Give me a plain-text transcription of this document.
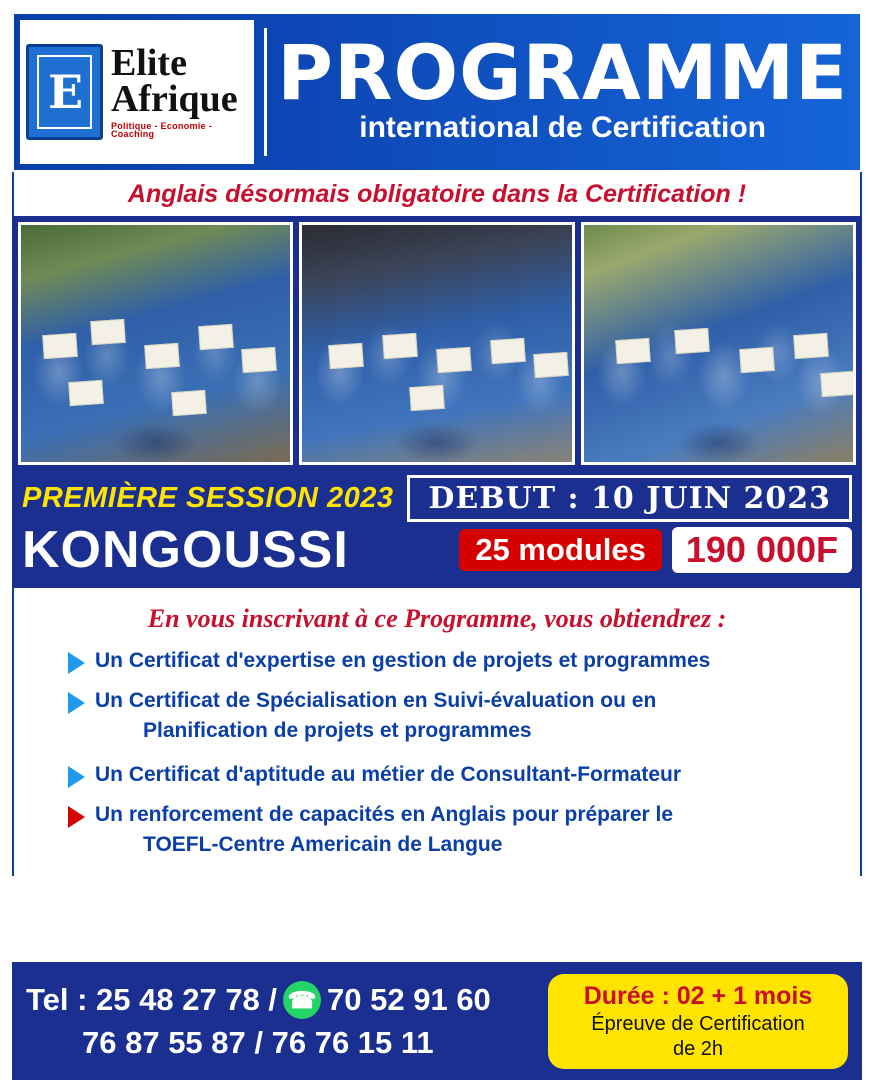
E
Elite
Afrique
Politique - Economie - Coaching
PROGRAMME
international de Certification
Anglais désormais obligatoire dans la Certification !
PREMIÈRE SESSION 2023	DEBUT : 10 JUIN 2023
KONGOUSSI	25 modules	190 000F
En vous inscrivant à ce Programme, vous obtiendrez :
Un Certificat d'expertise en gestion de projets et programmes
Un Certificat de Spécialisation en Suivi-évaluation ou en
Planification de projets et programmes
Un Certificat d'aptitude au métier de Consultant-Formateur
Un renforcement de capacités en Anglais pour préparer le
TOEFL-Centre Americain de Langue
Tel : 25 48 27 78 / ☎ 70 52 91 60
76 87 55 87 / 76 76 15 11
Durée : 02 + 1 mois
Épreuve de Certification
de 2h
